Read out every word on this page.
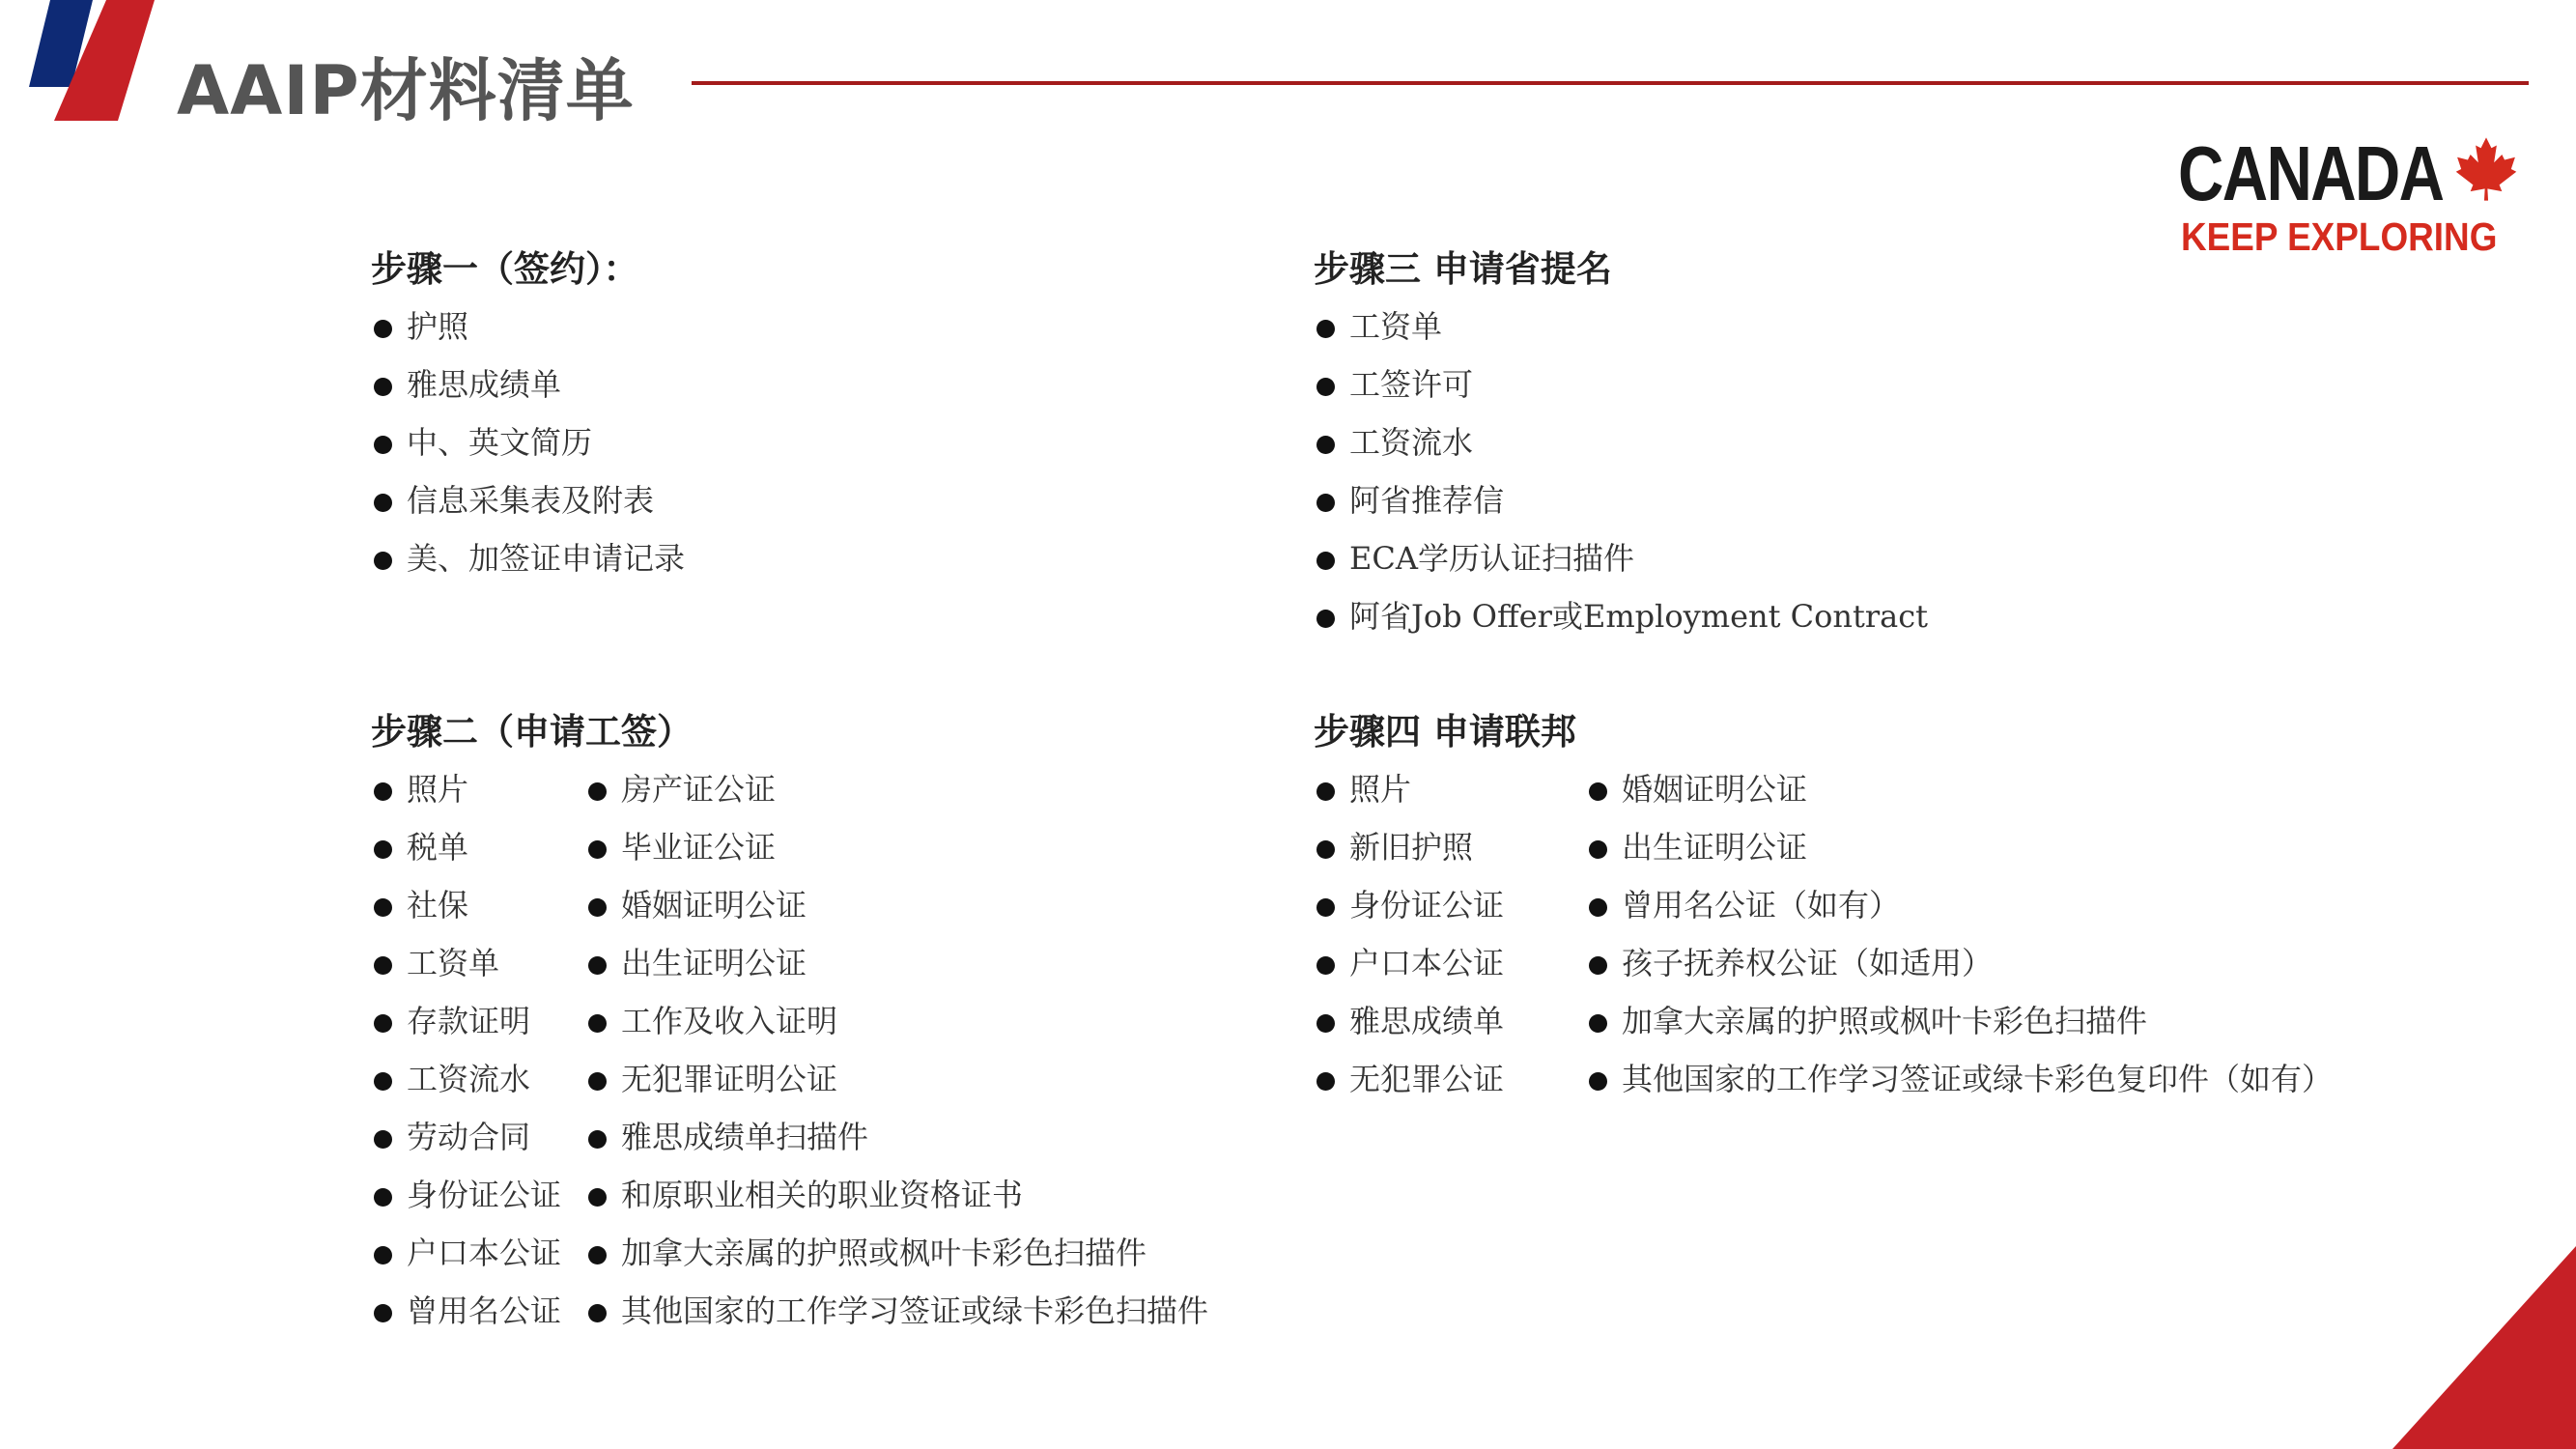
AAIP材料清单
CANADA
KEEP EXPLORING
步骤一（签约）：
护照
雅思成绩单
中、英文简历
信息采集表及附表
美、加签证申请记录
步骤二（申请工签）
照片
税单
社保
工资单
存款证明
工资流水
劳动合同
身份证公证
户口本公证
曾用名公证
房产证公证
毕业证公证
婚姻证明公证
出生证明公证
工作及收入证明
无犯罪证明公证
雅思成绩单扫描件
和原职业相关的职业资格证书
加拿大亲属的护照或枫叶卡彩色扫描件
其他国家的工作学习签证或绿卡彩色扫描件
步骤三 申请省提名
工资单
工签许可
工资流水
阿省推荐信
ECA学历认证扫描件
阿省Job Offer或Employment Contract
步骤四 申请联邦
照片
新旧护照
身份证公证
户口本公证
雅思成绩单
无犯罪公证
婚姻证明公证
出生证明公证
曾用名公证（如有）
孩子抚养权公证（如适用）
加拿大亲属的护照或枫叶卡彩色扫描件
其他国家的工作学习签证或绿卡彩色复印件（如有）
